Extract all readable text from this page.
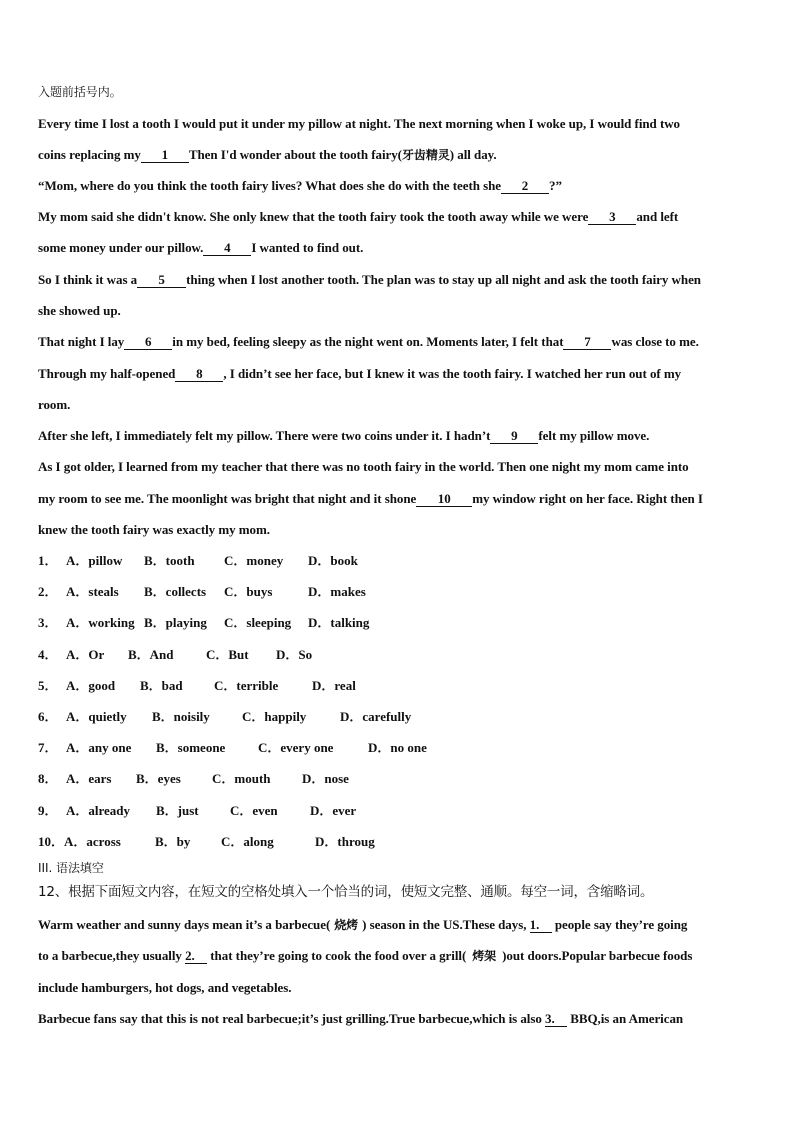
入题前括号内。
Every time I lost a tooth I would put it under my pillow at night. The next morning when I woke up, I would find two
coins replacing my 1 Then I'd wonder about the tooth fairy(牙齿精灵) all day.
“Mom, where do you think the tooth fairy lives? What does she do with the teeth she 2 ?”
My mom said she didn't know. She only knew that the tooth fairy took the tooth away while we were 3 and left
some money under our pillow. 4 I wanted to find out.
So I think it was a 5 thing when I lost another tooth. The plan was to stay up all night and ask the tooth fairy when
she showed up.
That night I lay 6 in my bed, feeling sleepy as the night went on. Moments later, I felt that 7 was close to me.
Through my half-opened 8 , I didn’t see her face, but I knew it was the tooth fairy. I watched her run out of my
room.
After she left, I immediately felt my pillow. There were two coins under it. I hadn’t 9 felt my pillow move.
As I got older, I learned from my teacher that there was no tooth fairy in the world. Then one night my mom came into
my room to see me. The moonlight was bright that night and it shone 10 my window right on her face. Right then I
knew the tooth fairy was exactly my mom.
1． A．pillow B．tooth C．money D．book
2． A．steals B．collects C．buys	D．makes
3． A．working B．playing C．sleeping D．talking
4． A．Or B．And C．But D．So
5． A．good B．bad C．terrible	D．real
6． A．quietly B．noisily C．happily	D．carefully
7． A．any one B．someone	C．every one	D．no one
8． A．ears B．eyes C．mouth D．nose
9． A．already B．just C．even D．ever
10．A．across	B．by C．along	D．throug
III. 语法填空
12、根据下面短文内容，在短文的空格处填入一个恰当的词，使短文完整、通顺。每空一词，含缩略词。
Warm weather and sunny days mean it’s a barbecue( 烧烤 ) season in the US.These days, 1. people say they’re going
to a barbecue,they usually 2. that they’re going to cook the food over a grill( 烤架 )out doors.Popular barbecue foods
include hamburgers, hot dogs, and vegetables.
Barbecue fans say that this is not real barbecue;it’s just grilling.True barbecue,which is also 3. BBQ,is an American
